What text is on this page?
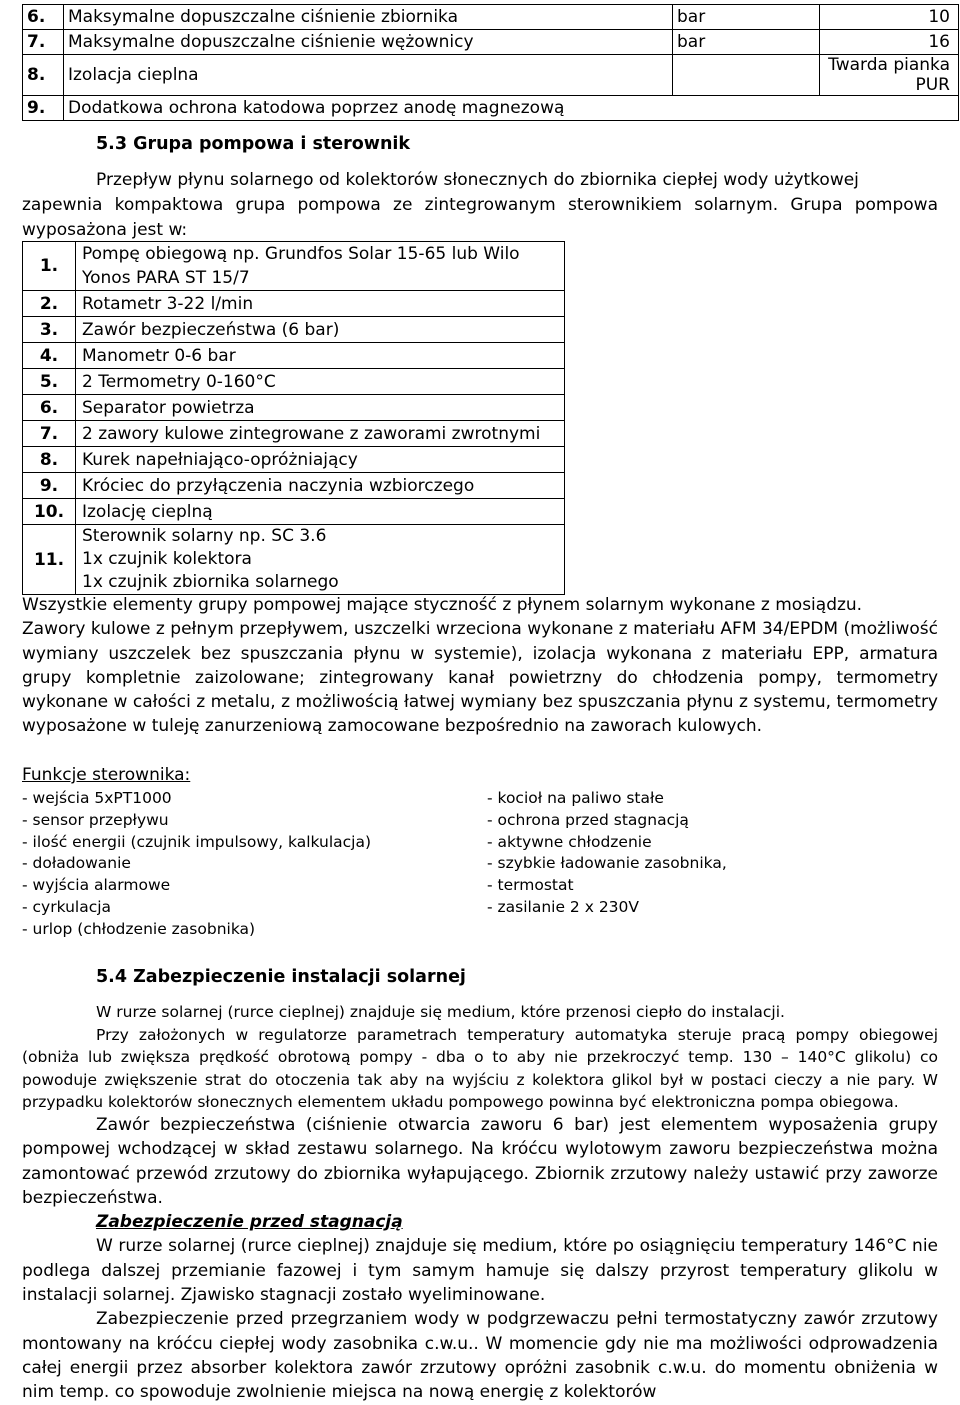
6.	Maksymalne dopuszczalne ciśnienie zbiornika	bar	10
7.	Maksymalne dopuszczalne ciśnienie wężownicy	bar	16
8.	Izolacja cieplna		Twarda pianka PUR
9.	Dodatkowa ochrona katodowa poprzez anodę magnezową		
5.3 Grupa pompowa i sterownik

Przepływ płynu solarnego od kolektorów słonecznych do zbiornika ciepłej wody użytkowej

zapewnia kompaktowa grupa pompowa ze zintegrowanym sterownikiem solarnym. Grupa pompowa wyposażona jest w:

1.	Pompę obiegową np. Grundfos Solar 15-65 lub Wilo Yonos PARA ST 15/7
2.	Rotametr 3-22 l/min
3.	Zawór bezpieczeństwa (6 bar)
4.	Manometr 0-6 bar
5.	2 Termometry 0-160°C
6.	Separator powietrza
7.	2 zawory kulowe zintegrowane z zaworami zwrotnymi
8.	Kurek napełniająco-opróżniający
9.	Króciec do przyłączenia naczynia wzbiorczego
10.	Izolację cieplną
11.	Sterownik solarny np. SC 3.6
1x czujnik kolektora
1x czujnik zbiornika solarnego

Wszystkie elementy grupy pompowej mające styczność z płynem solarnym wykonane z mosiądzu.

Zawory kulowe z pełnym przepływem, uszczelki wrzeciona wykonane z materiału AFM 34/EPDM (możliwość wymiany uszczelek bez spuszczania płynu w systemie), izolacja wykonana z materiału EPP, armatura grupy kompletnie zaizolowane; zintegrowany kanał powietrzny do chłodzenia pompy, termometry wykonane w całości z metalu, z możliwością łatwej wymiany bez spuszczania płynu z systemu, termometry wyposażone w tuleję zanurzeniową zamocowane bezpośrednio na zaworach kulowych.

Funkcje sterownika:
- wejścia 5xPT1000
- sensor przepływu
- ilość energii (czujnik impulsowy, kalkulacja)
- doładowanie
- wyjścia alarmowe
- cyrkulacja
- urlop (chłodzenie zasobnika)
- kocioł na paliwo stałe
- ochrona przed stagnacją
- aktywne chłodzenie
- szybkie ładowanie zasobnika,
- termostat
- zasilanie 2 x 230V
5.4 Zabezpieczenie instalacji solarnej

W rurze solarnej (rurce cieplnej) znajduje się medium, które przenosi ciepło do instalacji.

Przy założonych w regulatorze parametrach temperatury automatyka steruje pracą pompy obiegowej (obniża lub zwiększa prędkość obrotową pompy - dba o to aby nie przekroczyć temp. 130 – 140°C glikolu) co powoduje zwiększenie strat do otoczenia tak aby na wyjściu z kolektora glikol był w postaci cieczy a nie pary. W przypadku kolektorów słonecznych elementem układu pompowego powinna być elektroniczna pompa obiegowa.

Zawór bezpieczeństwa (ciśnienie otwarcia zaworu 6 bar) jest elementem wyposażenia grupy pompowej wchodzącej w skład zestawu solarnego. Na króćcu wylotowym zaworu bezpieczeństwa można zamontować przewód zrzutowy do zbiornika wyłapującego. Zbiornik zrzutowy należy ustawić przy zaworze bezpieczeństwa.

Zabezpieczenie przed stagnacją

W rurze solarnej (rurce cieplnej) znajduje się medium, które po osiągnięciu temperatury 146°C nie podlega dalszej przemianie fazowej i tym samym hamuje się dalszy przyrost temperatury glikolu w instalacji solarnej. Zjawisko stagnacji zostało wyeliminowane.

Zabezpieczenie przed przegrzaniem wody w podgrzewaczu pełni termostatyczny zawór zrzutowy montowany na króćcu ciepłej wody zasobnika c.w.u.. W momencie gdy nie ma możliwości odprowadzenia całej energii przez absorber kolektora zawór zrzutowy opróżni zasobnik c.w.u. do momentu obniżenia w nim temp. co spowoduje zwolnienie miejsca na nową energię z kolektorów
